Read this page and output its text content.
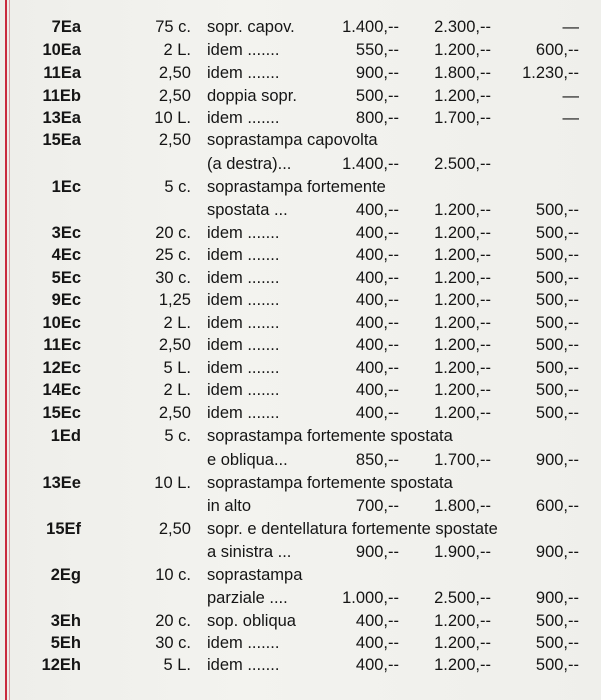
7Ea	75 c. sopr. capov.	1.400,-- 2.300,--	—
10Ea	2 L. idem .......	550,-- 1.200,--	600,--
11Ea	2,50 idem .......	900,-- 1.800,-- 1.230,--
11Eb	2,50 doppia sopr.	500,-- 1.200,--	—
13Ea	10 L. idem .......	800,-- 1.700,--	—
15Ea	2,50 soprastampa capovolta
(a destra)...	1.400,-- 2.500,--
1Ec	5 c. soprastampa fortemente
spostata ...	400,-- 1.200,--	500,--
3Ec	20 c. idem .......	400,-- 1.200,--	500,--
4Ec	25 c. idem .......	400,-- 1.200,--	500,--
5Ec	30 c. idem .......	400,-- 1.200,--	500,--
9Ec	1,25 idem .......	400,-- 1.200,--	500,--
10Ec	2 L. idem .......	400,-- 1.200,--	500,--
11Ec	2,50 idem .......	400,-- 1.200,--	500,--
12Ec	5 L. idem .......	400,-- 1.200,--	500,--
14Ec	2 L. idem .......	400,-- 1.200,--	500,--
15Ec	2,50 idem .......	400,-- 1.200,--	500,--
1Ed	5 c. soprastampa fortemente spostata
e obliqua...	850,-- 1.700,--	900,--
13Ee	10 L. soprastampa fortemente spostata
in alto	700,-- 1.800,--	600,--
15Ef	2,50 sopr. e dentellatura fortemente spostate
a sinistra ...	900,-- 1.900,--	900,--
2Eg	10 c. soprastampa
parziale ....	1.000,-- 2.500,--	900,--
3Eh	20 c. sop. obliqua	400,-- 1.200,--	500,--
5Eh	30 c. idem .......	400,-- 1.200,--	500,--
12Eh	5 L. idem .......	400,-- 1.200,--	500,--
